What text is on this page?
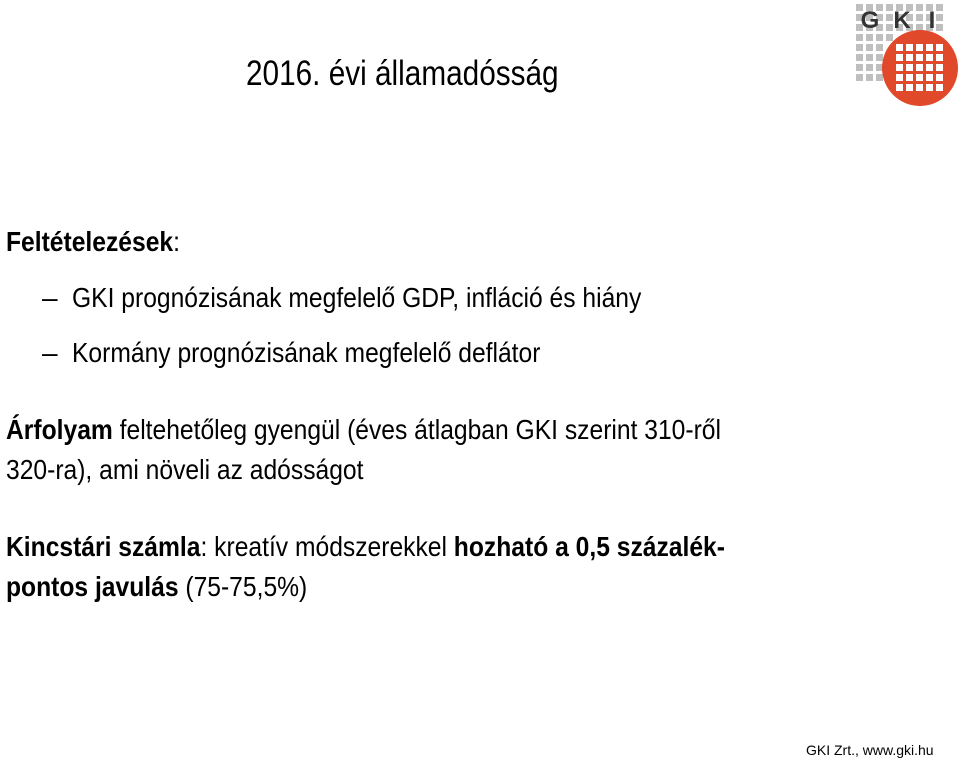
2016. évi államadósság
Feltételezések:
– GKI prognózisának megfelelő GDP, infláció és hiány
– Kormány prognózisának megfelelő deflátor

Árfolyam feltehetőleg gyengül (éves átlagban GKI szerint 310-ről
320-ra), ami növeli az adósságot

Kincstári számla: kreatív módszerekkel hozható a 0,5 százalék-
pontos javulás (75-75,5%)

G K I
GKI Zrt., www.gki.hu
